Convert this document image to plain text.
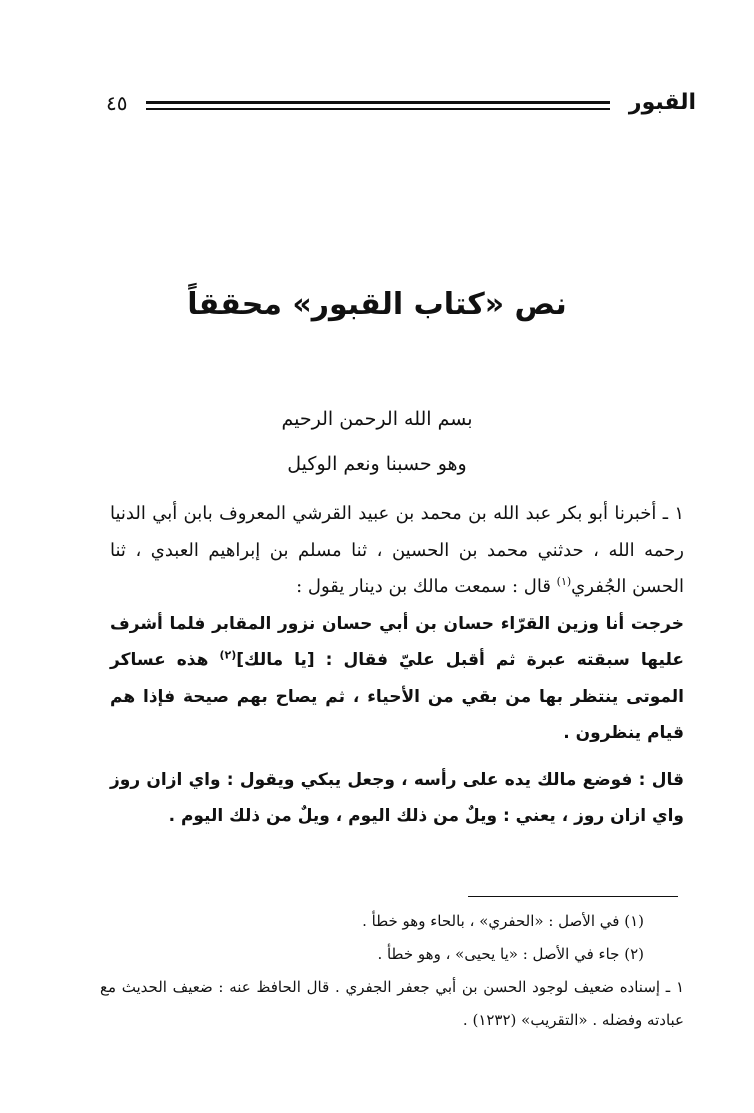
القبور
٤٥
نص «كتاب القبور» محققاً
بسم الله الرحمن الرحيم
وهو حسبنا ونعم الوكيل

١ ـ أخبرنا أبو بكر عبد الله بن محمد بن عبيد القرشي المعروف بابن أبي الدنيا رحمه الله ، حدثني محمد بن الحسين ، ثنا مسلم بن إبراهيم العبدي ، ثنا الحسن الجُفري$^{(١)}$ قال : سمعت مالك بن دينار يقول :

خرجت أنا وزين القرّاء حسان بن أبي حسان نزور المقابر فلما أشرف عليها سبقته عبرة ثم أقبل عليّ فقال : [يا مالك]$^{(٢)}$ هذه عساكر الموتى ينتظر بها من بقي من الأحياء ، ثم يصاح بهم صيحة فإذا هم قيام ينظرون .

قال : فوضع مالك يده على رأسه ، وجعل يبكي ويقول : واي ازان روز واي ازان روز ، يعني : ويلٌ من ذلك اليوم ، ويلٌ من ذلك اليوم .

(١) في الأصل : «الحفري» ، بالحاء وهو خطأ .

(٢) جاء في الأصل : «يا يحيى» ، وهو خطأ .

١ ـ إسناده ضعيف لوجود الحسن بن أبي جعفر الجفري . قال الحافظ عنه : ضعيف الحديث مع عبادته وفضله . «التقريب» (١٢٣٢) .
